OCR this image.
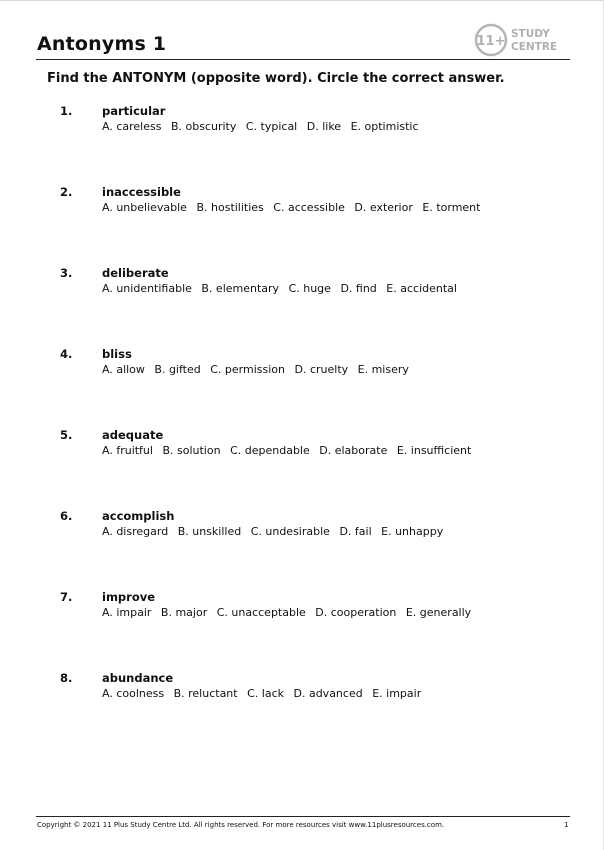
Antonyms 1	11+ STUDY
CENTRE
Find the ANTONYM (opposite word). Circle the correct answer.
1.	particular
A. careless B. obscurity C. typical D. like E. optimistic
2.	inaccessible
A. unbelievable B. hostilities C. accessible D. exterior E. torment
3.	deliberate
A. unidentifiable B. elementary C. huge D. find E. accidental
4.	bliss
A. allow B. gifted C. permission D. cruelty E. misery
5.	adequate
A. fruitful B. solution C. dependable D. elaborate E. insufficient
6.	accomplish
A. disregard B. unskilled C. undesirable D. fail E. unhappy
7.	improve
A. impair B. major C. unacceptable D. cooperation E. generally
8.	abundance
A. coolness B. reluctant C. lack D. advanced E. impair
Copyright © 2021 11 Plus Study Centre Ltd. All rights reserved. For more resources visit www.11plusresources.com.	1
